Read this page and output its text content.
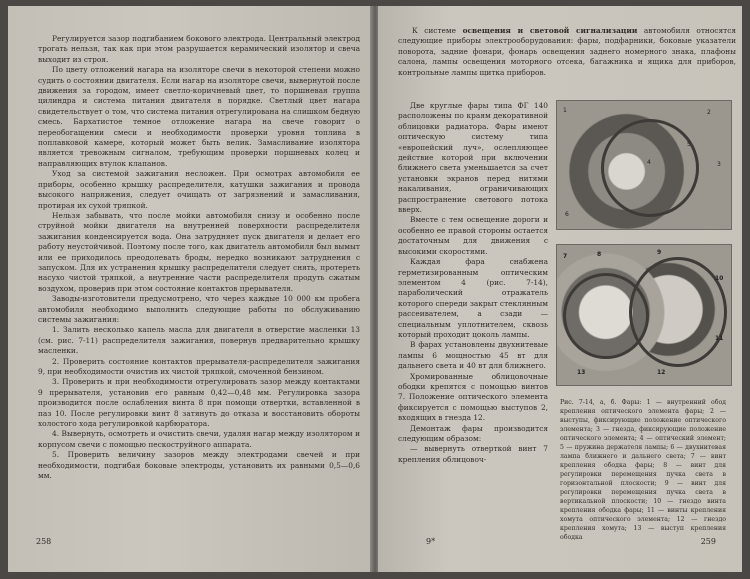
Регулируется зазор подгибанием бокового электрода. Центральный электрод трогать нельзя, так как при этом разрушается керамический изолятор и свеча выходит из строя.

По цвету отложений нагара на изоляторе свечи в некоторой степени можно судить о состоянии двигателя. Если нагар на изоляторе свечи, вывернутой после движения за городом, имеет светло-коричневый цвет, то поршневая группа цилиндра и система питания двигателя в порядке. Светлый цвет нагара свидетельствует о том, что система питания отрегулирована на слишком бедную смесь. Бархатистое темное отложение нагара на свече говорит о переобогащении смеси и необходимости проверки уровня топлива в поплавковой камере, который может быть велик. Замасливание изолятора является тревожным сигналом, требующим проверки поршневых колец и направляющих втулок клапанов.

Уход за системой зажигания несложен. При осмотрах автомобиля ее приборы, особенно крышку распределителя, катушки зажигания и провода высокого напряжения, следует очищать от загрязнений и замасливания, протирая их сухой тряпкой.

Нельзя забывать, что после мойки автомобиля снизу и особенно после струйной мойки двигателя на внутренней поверхности распределителя зажигания конденсируется вода. Она затрудняет пуск двигателя и делает его работу неустойчивой. Поэтому после того, как двигатель автомобиля был вымыт или ее приходилось преодолевать броды, нередко возникают затруднения с запуском. Для их устранения крышку распределителя следует снять, протереть насухо чистой тряпкой, а внутренние части распределителя продуть сжатым воздухом, проверив при этом состояние контактов прерывателя.

Заводы-изготовители предусмотрено, что через каждые 10 000 км пробега автомобиля необходимо выполнить следующие работы по обслуживанию системы зажигания:

1. Залить несколько капель масла для двигателя в отверстие масленки 13 (см. рис. 7-11) распределителя зажигания, повернув предварительно крышку масленки.

2. Проверить состояние контактов прерывателя-распределителя зажигания 9, при необходимости очистив их чистой тряпкой, смоченной бензином.

3. Проверить и при необходимости отрегулировать зазор между контактами 9 прерывателя, установив его равным 0,42—0,48 мм. Регулировка зазора производится после ослабления винта 8 при помощи отвертки, вставленной в паз 10. После регулировки винт 8 затянуть до отказа и восстановить обороты холостого хода регулировкой карбюратора.

4. Вывернуть, осмотреть и очистить свечи, удаляя нагар между изолятором и корпусом свечи с помощью пескоструйного аппарата.

5. Проверить величину зазоров между электродами свечей и при необходимости, подгибая боковые электроды, установить их равными 0,5—0,6 мм.

258

К системе освещения и световой сигнализации автомобиля относятся следующие приборы электрооборудования: фары, подфарники, боковые указатели поворота, задние фонари, фонарь освещения заднего номерного знака, плафоны салона, лампы освещения моторного отсека, багажника и ящика для приборов, контрольные лампы щитка приборов.

Две круглые фары типа ФГ 140 расположены по краям декоративной облицовки радиатора. Фары имеют оптическую систему типа «европейский луч», ослепляющее действие которой при включении ближнего света уменьшается за счет установки экранов перед нитями накаливания, ограничивающих распространение светового потока вверх.

Вместе с тем освещение дороги и особенно ее правой стороны остается достаточным для движения с высокими скоростями.

Каждая фара снабжена герметизированным оптическим элементом 4 (рис. 7-14), параболический отражатель которого спереди закрыт стеклянным рассеивателем, а сзади — специальным уплотнителем, сквозь который проходит цоколь лампы.

В фарах установлены двухнитевые лампы 6 мощностью 45 вт для дальнего света и 40 вт для ближнего.

Хромированные облицовочные ободки крепятся с помощью винтов 7. Положение оптического элемента фиксируется с помощью выступов 2, входящих в гнезда 12.

Демонтаж фары производится следующим образом:

— вывернуть отверткой винт 7 крепления облицовоч-

1	2
3
4
5
6
7	8	9
10
11
12
13
Рис. 7-14, а, б. Фары: 1 — внутренний обод крепления оптического элемента фары; 2 — выступы, фиксирующие положение оптического элемента; 3 — гнезда, фиксирующие положение оптического элемента; 4 — оптический элемент; 5 — пружина держателя лампы; 6 — двухнитевая лампа ближнего и дальнего света; 7 — винт крепления ободка фары; 8 — винт для регулировки перемещения пучка света в горизонтальной плоскости; 9 — винт для регулировки перемещения пучка света в вертикальной плоскости; 10 — гнездо винта крепления ободка фары; 11 — винты крепления хомута оптического элемента; 12 — гнездо крепления хомута; 13 — выступ крепления ободка
9*	259
